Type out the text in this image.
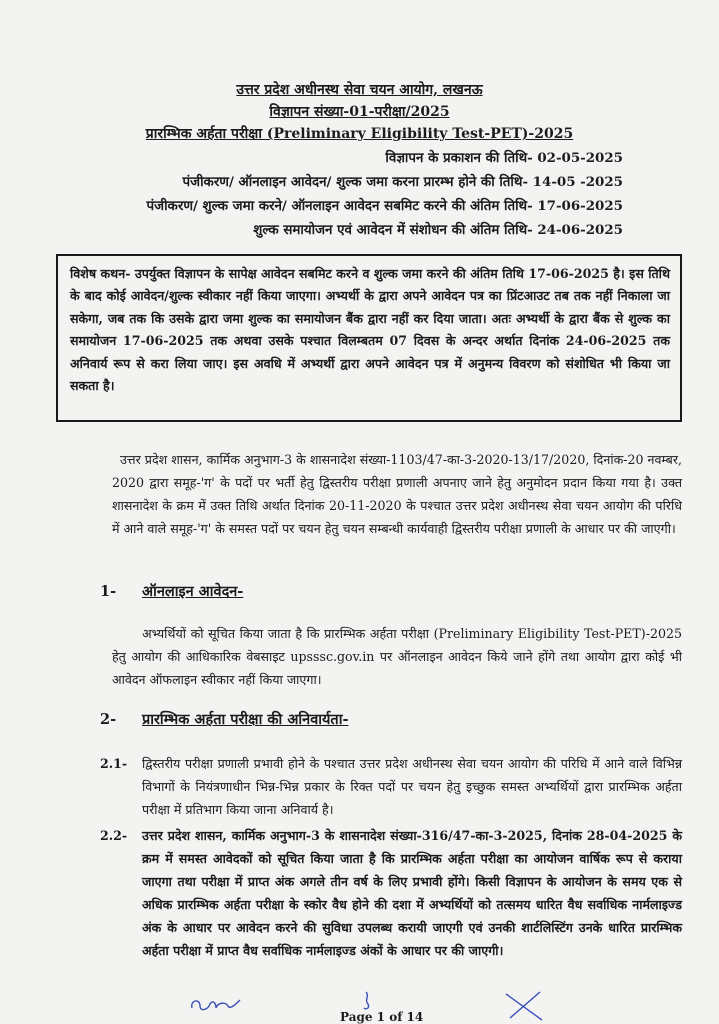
उत्तर प्रदेश अधीनस्थ सेवा चयन आयोग, लखनऊ
विज्ञापन संख्या-01-परीक्षा/2025
प्रारम्भिक अर्हता परीक्षा (Preliminary Eligibility Test-PET)-2025
विज्ञापन के प्रकाशन की तिथि- 02-05-2025
पंजीकरण/ ऑनलाइन आवेदन/ शुल्क जमा करना प्रारम्भ होने की तिथि- 14-05 -2025
पंजीकरण/ शुल्क जमा करने/ ऑनलाइन आवेदन सबमिट करने की अंतिम तिथि- 17-06-2025
शुल्क समायोजन एवं आवेदन में संशोधन की अंतिम तिथि- 24-06-2025

विशेष कथन- उपर्युक्त विज्ञापन के सापेक्ष आवेदन सबमिट करने व शुल्क जमा करने की अंतिम तिथि 17-06-2025 है। इस तिथि के बाद कोई आवेदन/शुल्क स्वीकार नहीं किया जाएगा। अभ्यर्थी के द्वारा अपने आवेदन पत्र का प्रिंटआउट तब तक नहीं निकाला जा सकेगा, जब तक कि उसके द्वारा जमा शुल्क का समायोजन बैंक द्वारा नहीं कर दिया जाता। अतः अभ्यर्थी के द्वारा बैंक से शुल्क का समायोजन 17-06-2025 तक अथवा उसके पश्चात विलम्बतम 07 दिवस के अन्दर अर्थात दिनांक 24-06-2025 तक अनिवार्य रूप से करा लिया जाए। इस अवधि में अभ्यर्थी द्वारा अपने आवेदन पत्र में अनुमन्य विवरण को संशोधित भी किया जा सकता है।

उत्तर प्रदेश शासन, कार्मिक अनुभाग-3 के शासनादेश संख्या-1103/47-का-3-2020-13/17/2020, दिनांक-20 नवम्बर, 2020 द्वारा समूह-'ग' के पदों पर भर्ती हेतु द्विस्तरीय परीक्षा प्रणाली अपनाए जाने हेतु अनुमोदन प्रदान किया गया है। उक्त शासनादेश के क्रम में उक्त तिथि अर्थात दिनांक 20-11-2020 के पश्चात उत्तर प्रदेश अधीनस्थ सेवा चयन आयोग की परिधि में आने वाले समूह-'ग' के समस्त पदों पर चयन हेतु चयन सम्बन्धी कार्यवाही द्विस्तरीय परीक्षा प्रणाली के आधार पर की जाएगी।

1- ऑनलाइन आवेदन-

अभ्यर्थियों को सूचित किया जाता है कि प्रारम्भिक अर्हता परीक्षा (Preliminary Eligibility Test-PET)-2025 हेतु आयोग की आधिकारिक वेबसाइट upsssc.gov.in पर ऑनलाइन आवेदन किये जाने होंगे तथा आयोग द्वारा कोई भी आवेदन ऑफलाइन स्वीकार नहीं किया जाएगा।

2- प्रारम्भिक अर्हता परीक्षा की अनिवार्यता-
2.1- द्विस्तरीय परीक्षा प्रणाली प्रभावी होने के पश्चात उत्तर प्रदेश अधीनस्थ सेवा चयन आयोग की परिधि में आने वाले विभिन्न विभागों के नियंत्रणाधीन भिन्न-भिन्न प्रकार के रिक्त पदों पर चयन हेतु इच्छुक समस्त अभ्यर्थियों द्वारा प्रारम्भिक अर्हता परीक्षा में प्रतिभाग किया जाना अनिवार्य है।

2.2- उत्तर प्रदेश शासन, कार्मिक अनुभाग-3 के शासनादेश संख्या-316/47-का-3-2025, दिनांक 28-04-2025 के क्रम में समस्त आवेदकों को सूचित किया जाता है कि प्रारम्भिक अर्हता परीक्षा का आयोजन वार्षिक रूप से कराया जाएगा तथा परीक्षा में प्राप्त अंक अगले तीन वर्ष के लिए प्रभावी होंगे। किसी विज्ञापन के आयोजन के समय एक से अधिक प्रारम्भिक अर्हता परीक्षा के स्कोर वैध होने की दशा में अभ्यर्थियों को तत्समय धारित वैध सर्वाधिक नार्मलाइज्ड अंक के आधार पर आवेदन करने की सुविधा उपलब्ध करायी जाएगी एवं उनकी शार्टलिस्टिंग उनके धारित प्रारम्भिक अर्हता परीक्षा में प्राप्त वैध सर्वाधिक नार्मलाइज्ड अंकों के आधार पर की जाएगी।

Page 1 of 14
